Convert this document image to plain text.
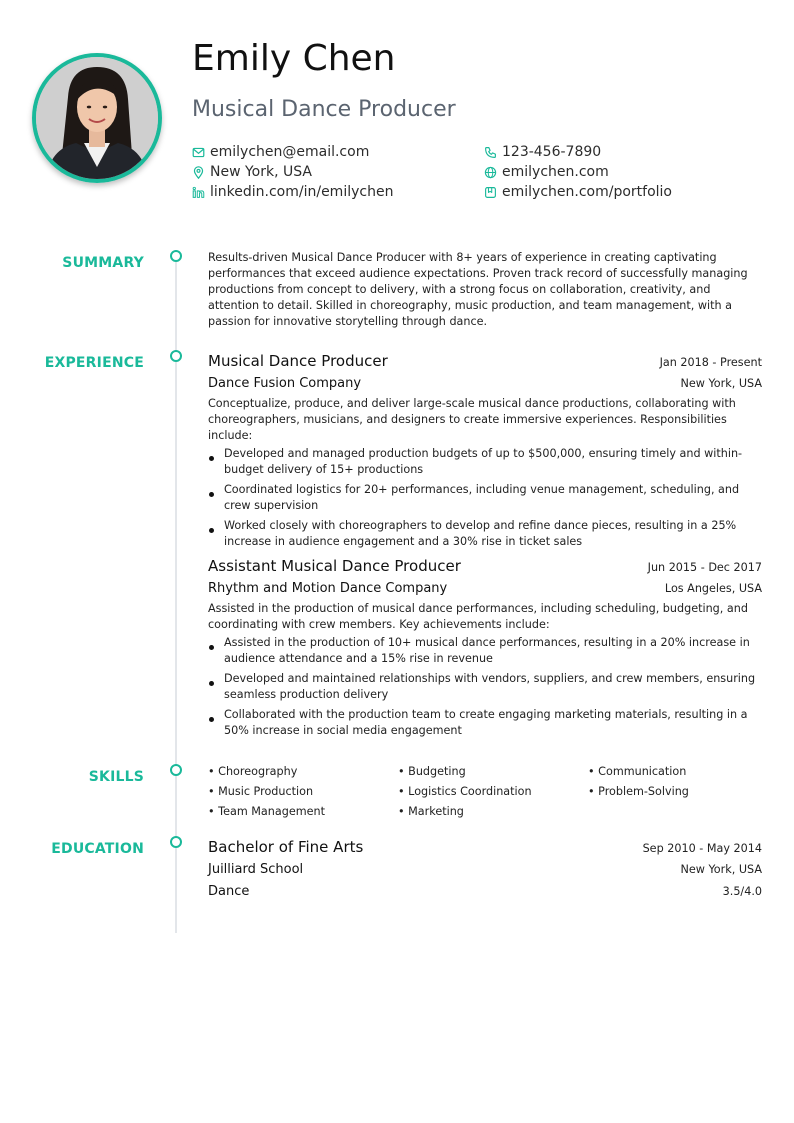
Emily Chen
Musical Dance Producer
emilychen@email.com	123-456-7890
New York, USA	emilychen.com
linkedin.com/in/emilychen	emilychen.com/portfolio
SUMMARY	Results-driven Musical Dance Producer with 8+ years of experience in creating captivating performances that exceed audience expectations. Proven track record of successfully managing productions from concept to delivery, with a strong focus on collaboration, creativity, and attention to detail. Skilled in choreography, music production, and team management, with a passion for innovative storytelling through dance.

EXPERIENCE	Musical Dance Producer	Jan 2018 - Present
Dance Fusion Company	New York, USA

Conceptualize, produce, and deliver large-scale musical dance productions, collaborating with choreographers, musicians, and designers to create immersive experiences. Responsibilities include:

Developed and managed production budgets of up to $500,000, ensuring timely and within-budget delivery of 15+ productions
Coordinated logistics for 20+ performances, including venue management, scheduling, and crew supervision
Worked closely with choreographers to develop and refine dance pieces, resulting in a 25% increase in audience engagement and a 30% rise in ticket sales
Assistant Musical Dance Producer	Jun 2015 - Dec 2017
Rhythm and Motion Dance Company	Los Angeles, USA

Assisted in the production of musical dance performances, including scheduling, budgeting, and coordinating with crew members. Key achievements include:

Assisted in the production of 10+ musical dance performances, resulting in a 20% increase in audience attendance and a 15% rise in revenue
Developed and maintained relationships with vendors, suppliers, and crew members, ensuring seamless production delivery
Collaborated with the production team to create engaging marketing materials, resulting in a 50% increase in social media engagement
SKILLS	• Choreography	• Budgeting	• Communication
• Music Production	• Logistics Coordination	• Problem-Solving
• Team Management	• Marketing
EDUCATION	Bachelor of Fine Arts	Sep 2010 - May 2014
Juilliard School	New York, USA
Dance	3.5/4.0
